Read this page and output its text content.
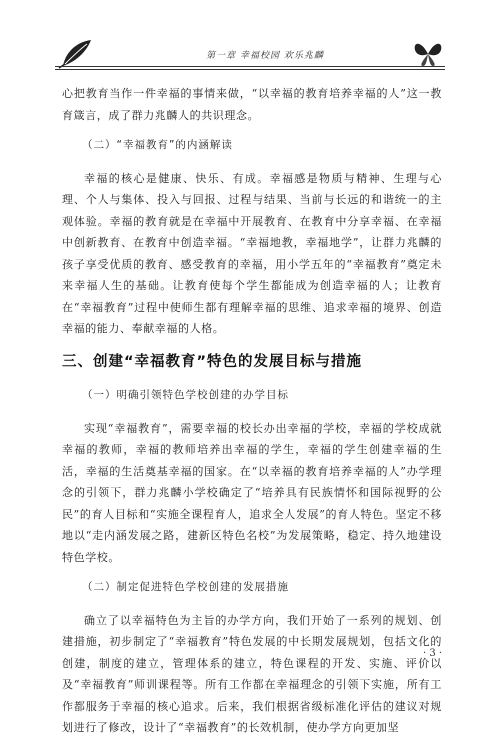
第一章 幸福校园 欢乐兆麟

心把教育当作一件幸福的事情来做，“以幸福的教育培养幸福的人”这一教育箴言，成了群力兆麟人的共识理念。

（二）“幸福教育”的内涵解读

幸福的核心是健康、快乐、有成。幸福感是物质与精神、生理与心理、个人与集体、投入与回报、过程与结果、当前与长远的和谐统一的主观体验。幸福的教育就是在幸福中开展教育、在教育中分享幸福、在幸福中创新教育、在教育中创造幸福。“幸福地教，幸福地学”，让群力兆麟的孩子享受优质的教育、感受教育的幸福，用小学五年的“幸福教育”奠定未来幸福人生的基础。让教育使每个学生都能成为创造幸福的人；让教育在“幸福教育”过程中使师生都有理解幸福的思维、追求幸福的境界、创造幸福的能力、奉献幸福的人格。

三、创建“幸福教育”特色的发展目标与措施
（一）明确引领特色学校创建的办学目标

实现“幸福教育”，需要幸福的校长办出幸福的学校，幸福的学校成就幸福的教师，幸福的教师培养出幸福的学生，幸福的学生创建幸福的生活，幸福的生活奠基幸福的国家。在“以幸福的教育培养幸福的人”办学理念的引领下，群力兆麟小学校确定了“培养具有民族情怀和国际视野的公民”的育人目标和“实施全课程育人，追求全人发展”的育人特色。坚定不移地以“走内涵发展之路，建新区特色名校”为发展策略，稳定、持久地建设特色学校。

（二）制定促进特色学校创建的发展措施

确立了以幸福特色为主旨的办学方向，我们开始了一系列的规划、创建措施，初步制定了“幸福教育”特色发展的中长期发展规划，包括文化的创建，制度的建立，管理体系的建立，特色课程的开发、实施、评价以及“幸福教育”师训课程等。所有工作都在幸福理念的引领下实施，所有工作都服务于幸福的核心追求。后来，我们根据省级标准化评估的建议对规划进行了修改，设计了“幸福教育”的长效机制，使办学方向更加坚

· 3 ·
